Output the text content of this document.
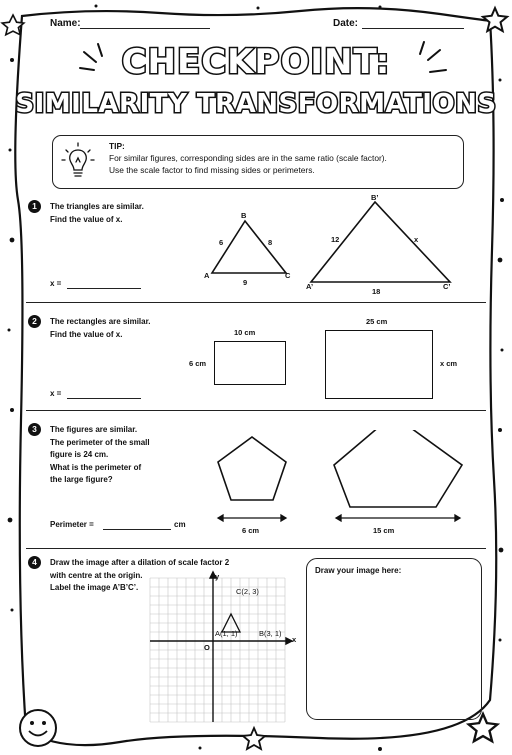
Name:	Date:
CHECKPOINT:
SIMILARITY TRANSFORMATIONS
TIP:
For similar figures, corresponding sides are in the same ratio (scale factor).
Use the scale factor to find missing sides or perimeters.
1	The triangles are similar.
Find the value of x.
x =
B
A	C
6	8
9
B’
A’	C’
12	x
18
2	The rectangles are similar.
Find the value of x.
x =
10 cm
6 cm
25 cm
x cm
3	The figures are similar.
The perimeter of the small
figure is 24 cm.
What is the perimeter of
the large figure?
Perimeter =	cm
6 cm	15 cm
4	Draw the image after a dilation of scale factor 2
with centre at the origin.
Label the image A’B’C’.
x
y
O
A(1, 1)	B(3, 1)
C(2, 3)
Draw your image here:
